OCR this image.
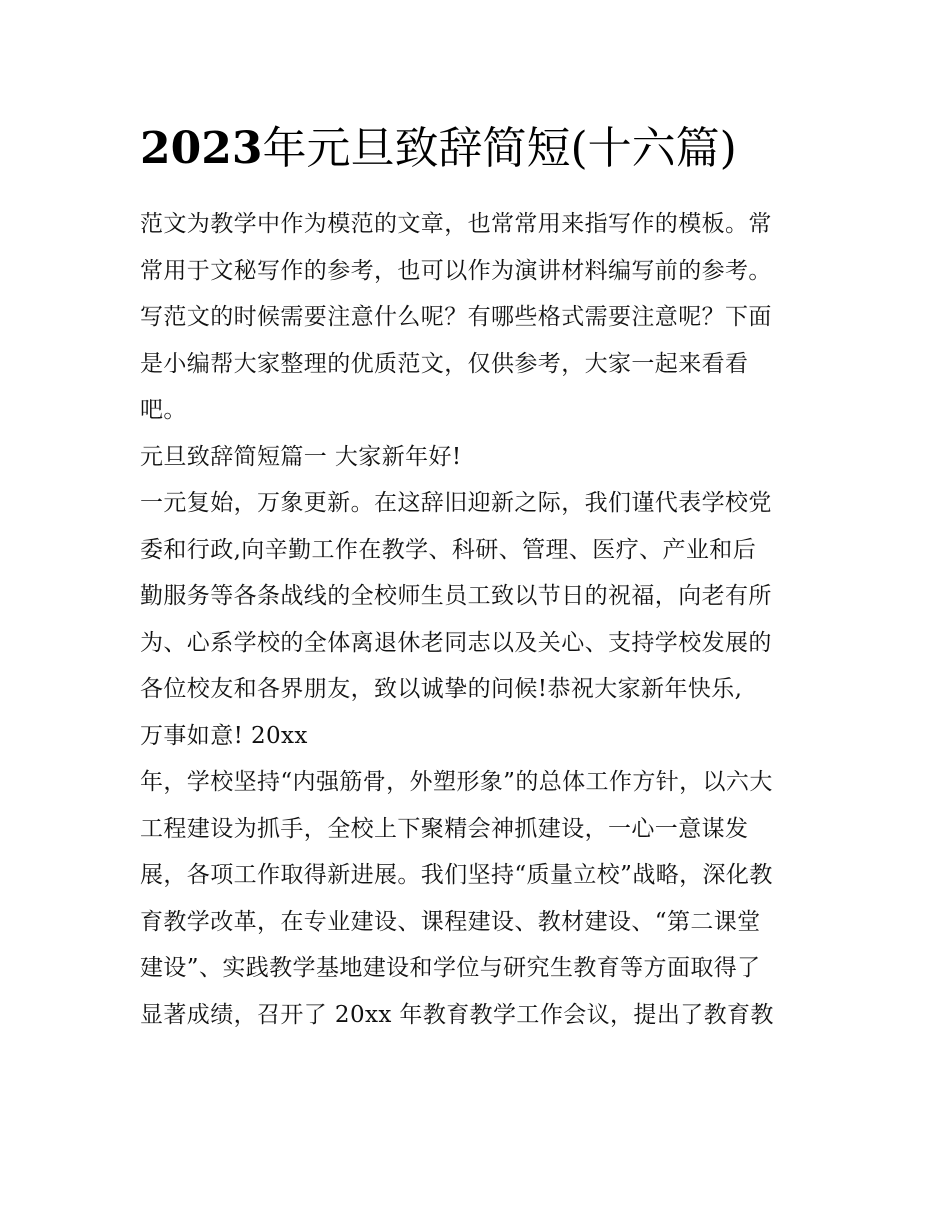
2023年元旦致辞简短(十六篇)
范文为教学中作为模范的文章，也常常用来指写作的模板。常
常用于文秘写作的参考，也可以作为演讲材料编写前的参考。
写范文的时候需要注意什么呢？有哪些格式需要注意呢？下面
是小编帮大家整理的优质范文，仅供参考，大家一起来看看
吧。
元旦致辞简短篇一 大家新年好!
一元复始，万象更新。在这辞旧迎新之际，我们谨代表学校党
委和行政,向辛勤工作在教学、科研、管理、医疗、产业和后
勤服务等各条战线的全校师生员工致以节日的祝福，向老有所
为、心系学校的全体离退休老同志以及关心、支持学校发展的
各位校友和各界朋友，致以诚挚的问候!恭祝大家新年快乐,
万事如意! 20xx
年，学校坚持“内强筋骨，外塑形象”的总体工作方针，以六大
工程建设为抓手，全校上下聚精会神抓建设，一心一意谋发
展，各项工作取得新进展。我们坚持“质量立校”战略，深化教
育教学改革，在专业建设、课程建设、教材建设、“第二课堂
建设”、实践教学基地建设和学位与研究生教育等方面取得了
显著成绩，召开了 20xx 年教育教学工作会议，提出了教育教
